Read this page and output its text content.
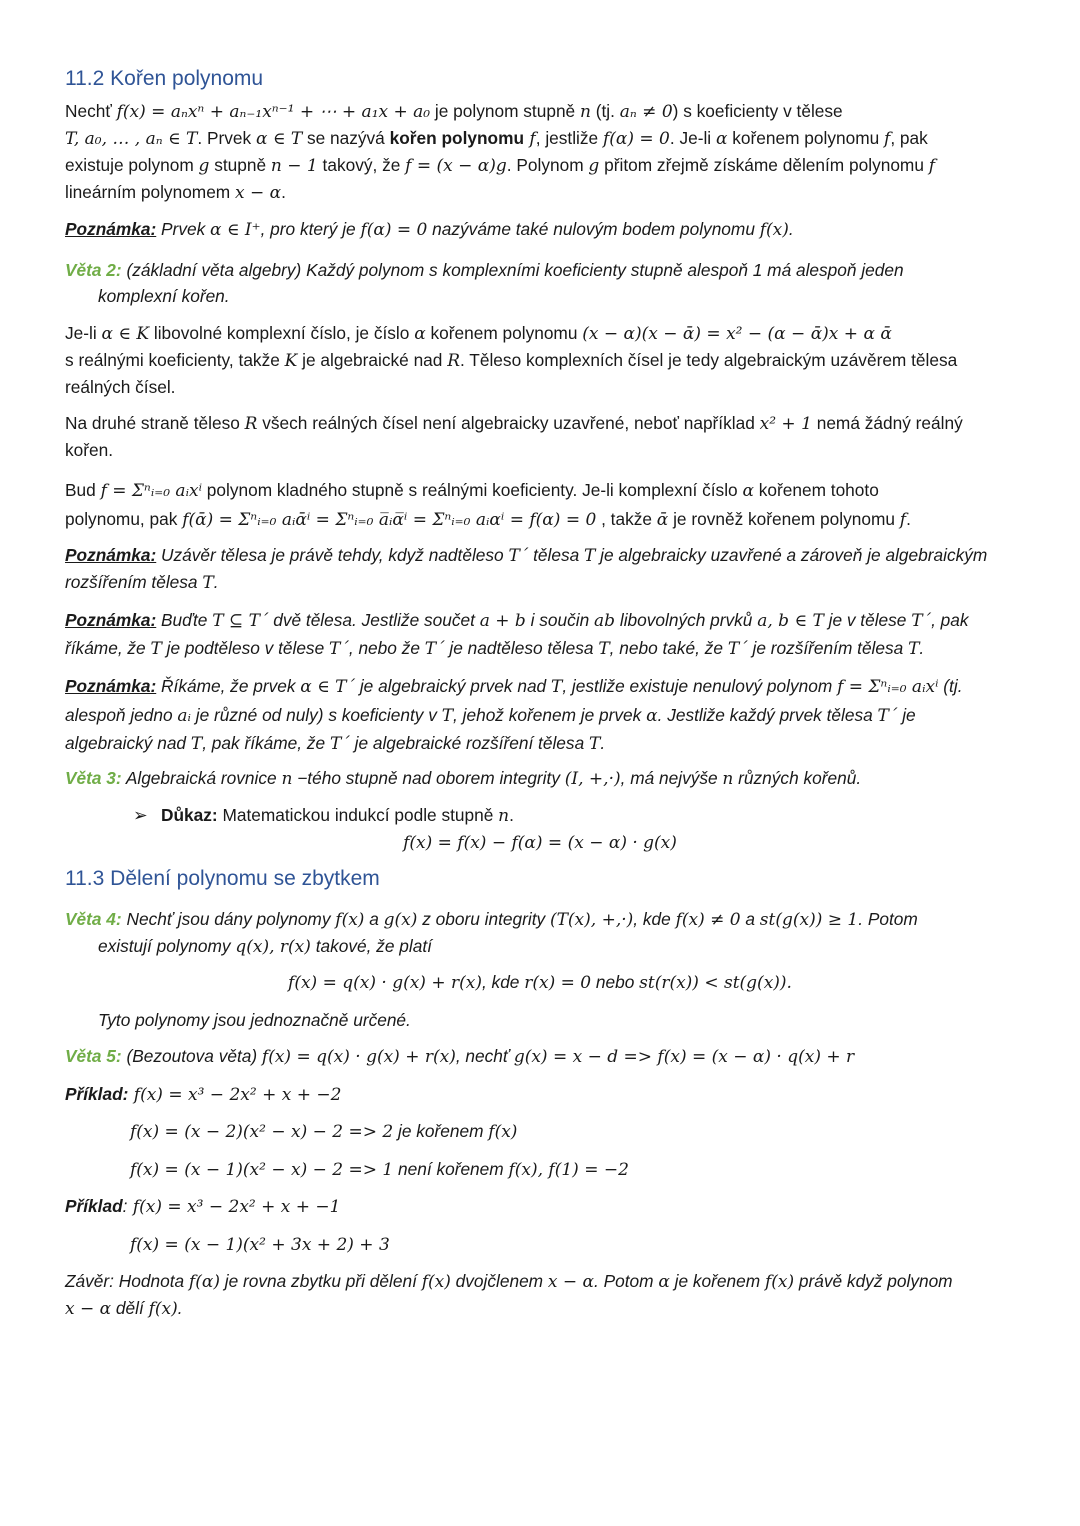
11.2 Kořen polynomu
Nechť f(x) = aₙxⁿ + aₙ₋₁xⁿ⁻¹ + ⋯ + a₁x + a₀ je polynom stupně n (tj. aₙ ≠ 0) s koeficienty v tělese
T, a₀, … , aₙ ∈ T. Prvek α ∈ T se nazývá kořen polynomu f, jestliže f(α) = 0. Je-li α kořenem polynomu f, pak
existuje polynom g stupně n − 1 takový, že f = (x − α)g. Polynom g přitom zřejmě získáme dělením polynomu f
lineárním polynomem x − α.
Poznámka: Prvek α ∈ I⁺, pro který je f(α) = 0 nazýváme také nulovým bodem polynomu f(x).
Věta 2: (základní věta algebry) Každý polynom s komplexními koeficienty stupně alespoň 1 má alespoň jeden
komplexní kořen.
Je-li α ∈ K libovolné komplexní číslo, je číslo α kořenem polynomu (x − α)(x − ᾱ) = x² − (α − ᾱ)x + α ᾱ
s reálnými koeficienty, takže K je algebraické nad R. Těleso komplexních čísel je tedy algebraickým uzávěrem tělesa
reálných čísel.
Na druhé straně těleso R všech reálných čísel není algebraicky uzavřené, neboť například x² + 1 nemá žádný reálný
kořen.
Bud f = Σⁿᵢ₌₀ aᵢxⁱ polynom kladného stupně s reálnými koeficienty. Je-li komplexní číslo α kořenem tohoto
polynomu, pak f(ᾱ) = Σⁿᵢ₌₀ aᵢᾱⁱ = Σⁿᵢ₌₀ a̅ᵢα̅ⁱ = Σⁿᵢ₌₀ aᵢαⁱ = f(α) = 0 , takže ᾱ je rovněž kořenem polynomu f.
Poznámka: Uzávěr tělesa je právě tehdy, když nadtěleso T´ tělesa T je algebraicky uzavřené a zároveň je algebraickým
rozšířením tělesa T.
Poznámka: Buďte T ⊆ T´ dvě tělesa. Jestliže součet a + b i součin ab libovolných prvků a, b ∈ T je v tělese T´, pak
říkáme, že T je podtěleso v tělese T´, nebo že T´ je nadtěleso tělesa T, nebo také, že T´ je rozšířením tělesa T.
Poznámka: Říkáme, že prvek α ∈ T´ je algebraický prvek nad T, jestliže existuje nenulový polynom f = Σⁿᵢ₌₀ aᵢxⁱ (tj.
alespoň jedno aᵢ je různé od nuly) s koeficienty v T, jehož kořenem je prvek α. Jestliže každý prvek tělesa T´ je
algebraický nad T, pak říkáme, že T´ je algebraické rozšíření tělesa T.
Věta 3: Algebraická rovnice n −tého stupně nad oborem integrity (I, +,·), má nejvýše n různých kořenů.
➢ Důkaz: Matematickou indukcí podle stupně n.
f(x) = f(x) − f(α) = (x − α) · g(x)
11.3 Dělení polynomu se zbytkem
Věta 4: Nechť jsou dány polynomy f(x) a g(x) z oboru integrity (T(x), +,·), kde f(x) ≠ 0 a st(g(x)) ≥ 1. Potom
existují polynomy q(x), r(x) takové, že platí
f(x) = q(x) · g(x) + r(x), kde r(x) = 0 nebo st(r(x)) < st(g(x)).
Tyto polynomy jsou jednoznačně určené.
Věta 5: (Bezoutova věta) f(x) = q(x) · g(x) + r(x), nechť g(x) = x − d => f(x) = (x − α) · q(x) + r
Příklad: f(x) = x³ − 2x² + x + −2
f(x) = (x − 2)(x² − x) − 2 => 2 je kořenem f(x)
f(x) = (x − 1)(x² − x) − 2 => 1 není kořenem f(x), f(1) = −2
Příklad: f(x) = x³ − 2x² + x + −1
f(x) = (x − 1)(x² + 3x + 2) + 3
Závěr: Hodnota f(α) je rovna zbytku při dělení f(x) dvojčlenem x − α. Potom α je kořenem f(x) právě když polynom
x − α dělí f(x).
